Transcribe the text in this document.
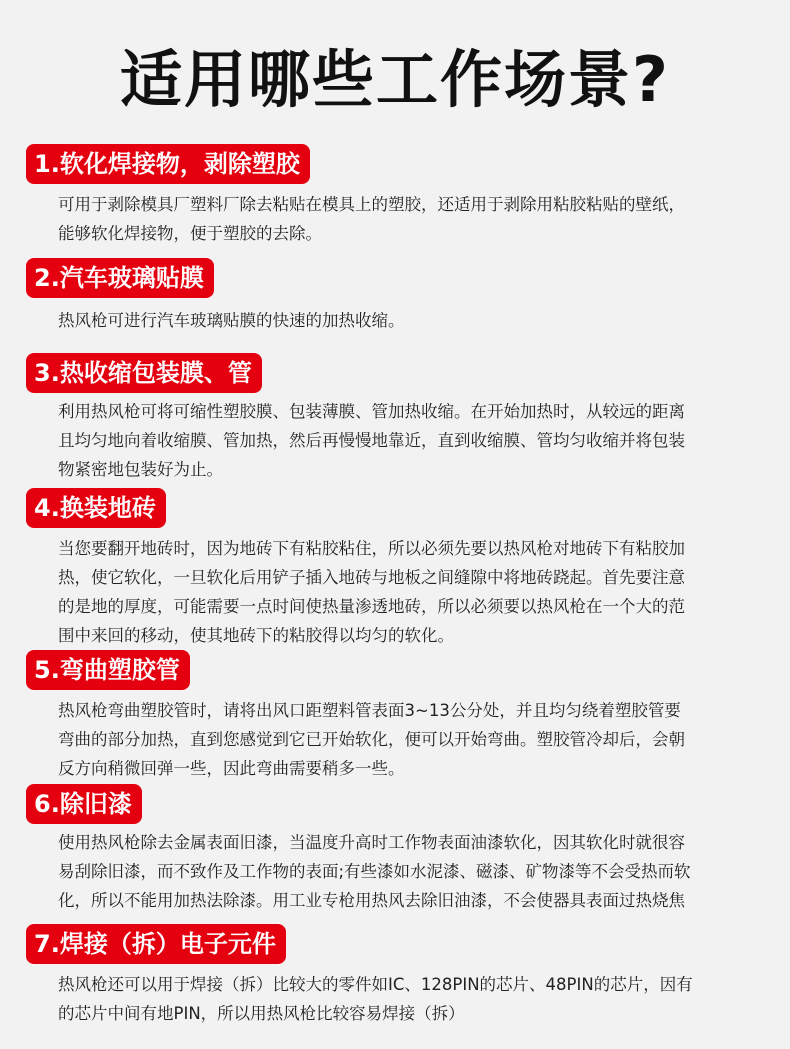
适用哪些工作场景?
1.软化焊接物，剥除塑胶
可用于剥除模具厂塑料厂除去粘贴在模具上的塑胶，还适用于剥除用粘胶粘贴的壁纸，
能够软化焊接物，便于塑胶的去除。
2.汽车玻璃贴膜
热风枪可进行汽车玻璃贴膜的快速的加热收缩。
3.热收缩包装膜、管
利用热风枪可将可缩性塑胶膜、包装薄膜、管加热收缩。在开始加热时，从较远的距离
且均匀地向着收缩膜、管加热，然后再慢慢地靠近，直到收缩膜、管均匀收缩并将包装
物紧密地包装好为止。
4.换装地砖
当您要翻开地砖时，因为地砖下有粘胶粘住，所以必须先要以热风枪对地砖下有粘胶加
热，使它软化，一旦软化后用铲子插入地砖与地板之间缝隙中将地砖跷起。首先要注意
的是地的厚度，可能需要一点时间使热量渗透地砖，所以必须要以热风枪在一个大的范
围中来回的移动，使其地砖下的粘胶得以均匀的软化。
5.弯曲塑胶管
热风枪弯曲塑胶管时，请将出风口距塑料管表面3~13公分处，并且均匀绕着塑胶管要
弯曲的部分加热，直到您感觉到它已开始软化，便可以开始弯曲。塑胶管冷却后，会朝
反方向稍微回弹一些，因此弯曲需要稍多一些。
6.除旧漆
使用热风枪除去金属表面旧漆，当温度升高时工作物表面油漆软化，因其软化时就很容
易刮除旧漆，而不致作及工作物的表面;有些漆如水泥漆、磁漆、矿物漆等不会受热而软
化，所以不能用加热法除漆。用工业专枪用热风去除旧油漆，不会使器具表面过热烧焦
7.焊接（拆）电子元件
热风枪还可以用于焊接（拆）比较大的零件如IC、128PIN的芯片、48PIN的芯片，因有
的芯片中间有地PIN，所以用热风枪比较容易焊接（拆）
